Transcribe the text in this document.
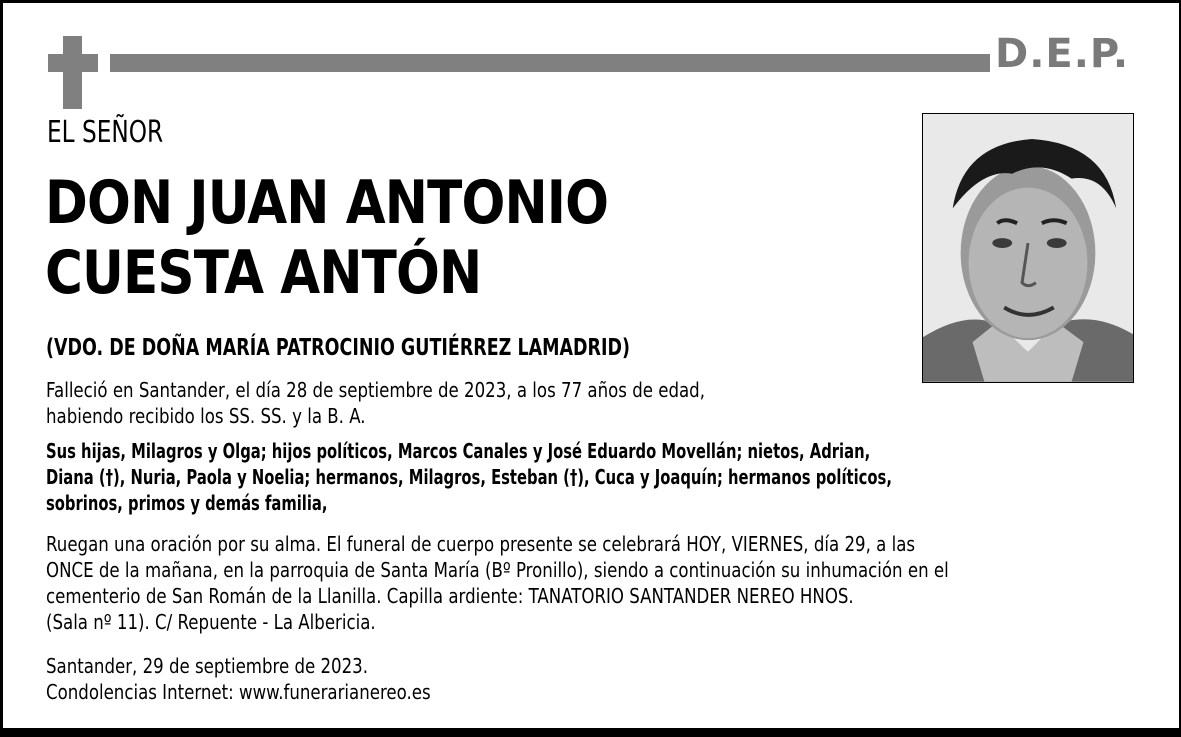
D.E.P.
EL SEÑOR
DON JUAN ANTONIO
CUESTA ANTÓN
(VDO. DE DOÑA MARÍA PATROCINIO GUTIÉRREZ LAMADRID)
Falleció en Santander, el día 28 de septiembre de 2023, a los 77 años de edad,
habiendo recibido los SS. SS. y la B. A.
Sus hijas, Milagros y Olga; hijos políticos, Marcos Canales y José Eduardo Movellán; nietos, Adrian,
Diana (†), Nuria, Paola y Noelia; hermanos, Milagros, Esteban (†), Cuca y Joaquín; hermanos políticos,
sobrinos, primos y demás familia,
Ruegan una oración por su alma. El funeral de cuerpo presente se celebrará HOY, VIERNES, día 29, a las
ONCE de la mañana, en la parroquia de Santa María (Bº Pronillo), siendo a continuación su inhumación en el
cementerio de San Román de la Llanilla. Capilla ardiente: TANATORIO SANTANDER NEREO HNOS.
(Sala nº 11). C/ Repuente - La Albericia.
Santander, 29 de septiembre de 2023.
Condolencias Internet: www.funerarianereo.es
